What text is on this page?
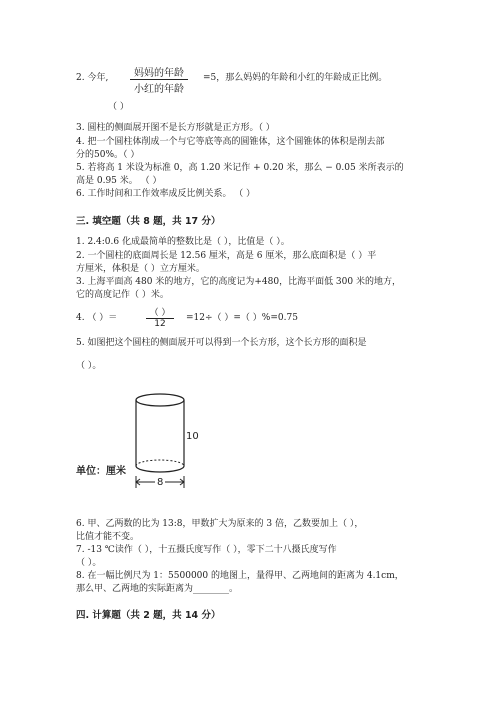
2. 今年,	妈妈的年龄
小红的年龄
=5，那么妈妈的年龄和小红的年龄成正比例。
（ ）
3. 圆柱的侧面展开图不是长方形就是正方形。（ ）
4. 把一个圆柱体削成一个与它等底等高的圆锥体，这个圆锥体的体积是削去部
分的50%。（ ）
5. 若将高 1 米设为标准 0，高 1.20 米记作 + 0.20 米，那么 − 0.05 米所表示的
高是 0.95 米。 （ ）
6. 工作时间和工作效率成反比例关系。 （ ）
三. 填空题（共 8 题，共 17 分）
1. 2.4:0.6 化成最简单的整数比是（ ），比值是（ ）。
2. 一个圆柱的底面周长是 12.56 厘米，高是 6 厘米，那么底面积是（ ）平
方厘米，体积是（ ）立方厘米。
3. 上海平面高 480 米的地方，它的高度记为+480，比海平面低 300 米的地方，
它的高度记作（ ）米。
4. （ ）＝	（ ）
12
=12÷（ ）=（ ）%=0.75
5. 如图把这个圆柱的侧面展开可以得到一个长方形，这个长方形的面积是
（ ）。
10
单位：厘米
8
6. 甲、乙两数的比为 13:8，甲数扩大为原来的 3 倍，乙数要加上（ ），
比值才能不变。
7. -13 ℃读作（ ），十五摄氏度写作（ ），零下二十八摄氏度写作
（ ）。
8. 在一幅比例尺为 1：5500000 的地图上，量得甲、乙两地间的距离为 4.1cm，
那么甲、乙两地的实际距离为________。
四. 计算题（共 2 题，共 14 分）
